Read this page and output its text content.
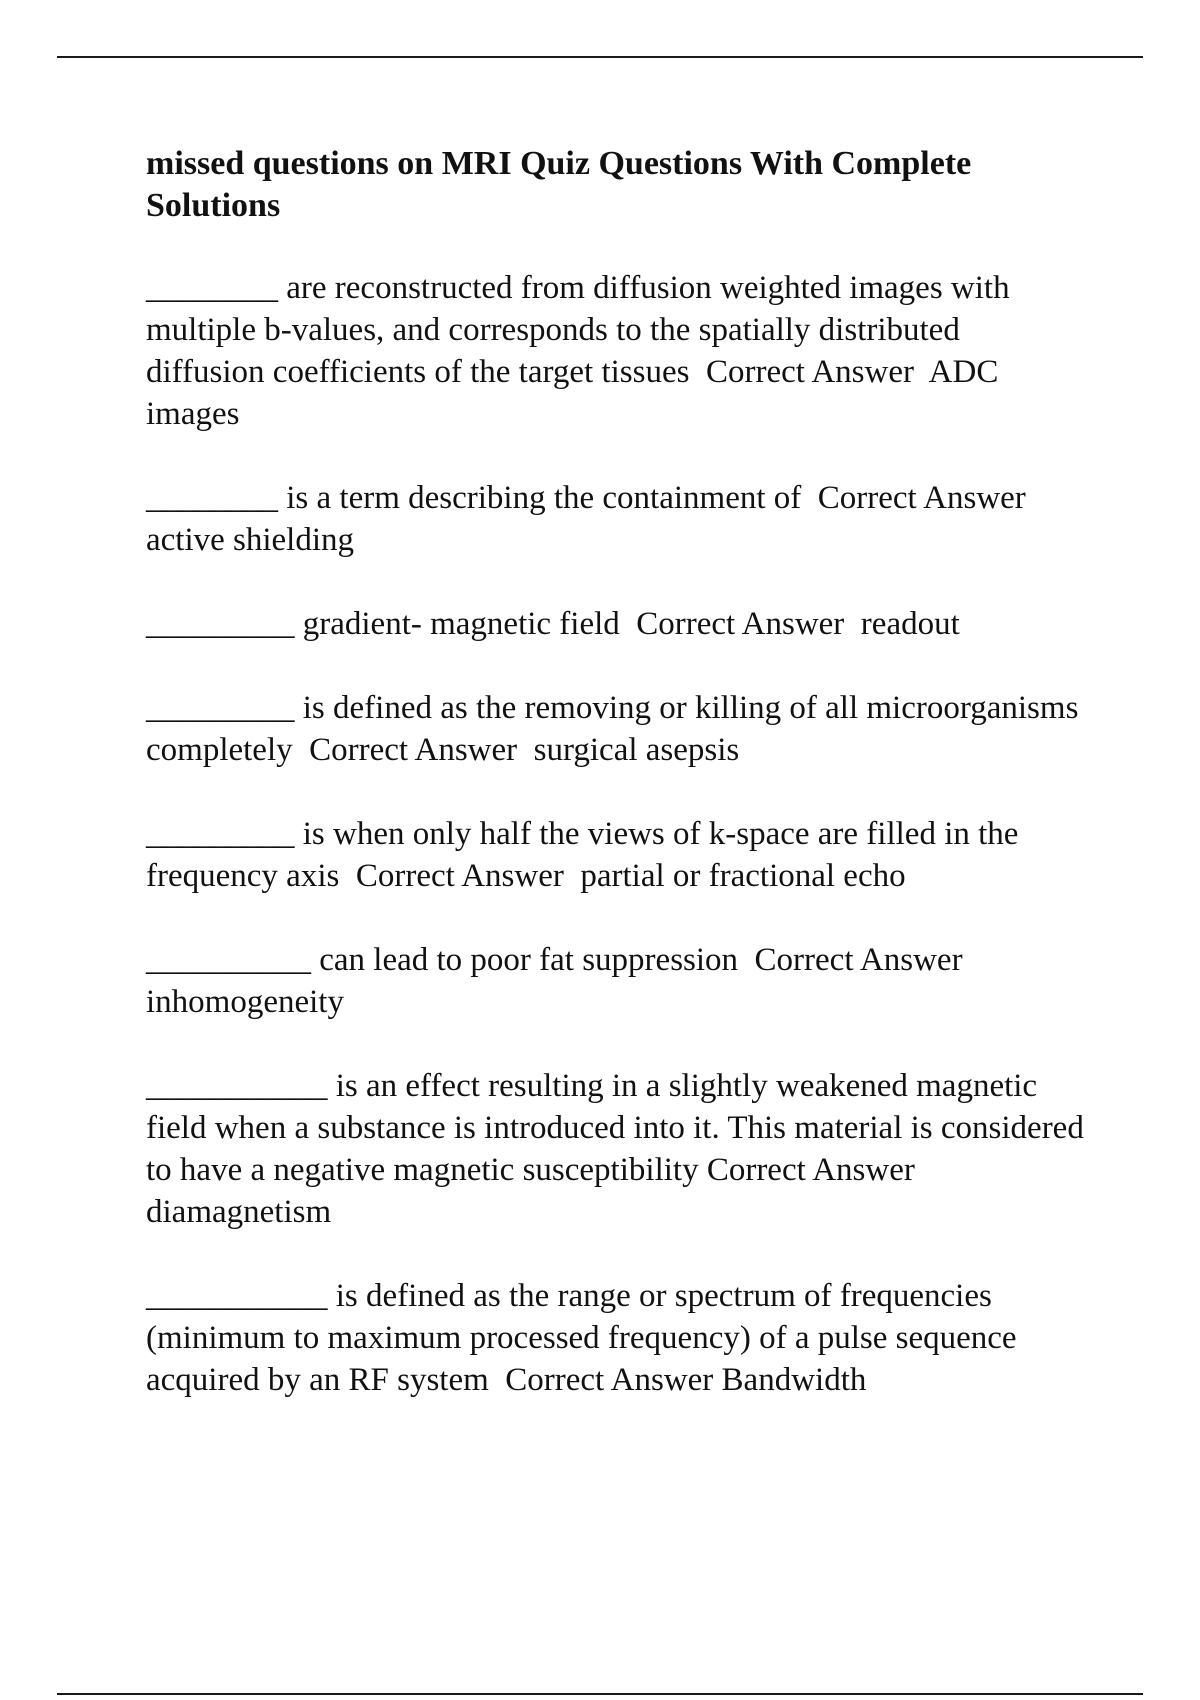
missed questions on MRI Quiz Questions With Complete Solutions

________ are reconstructed from diffusion weighted images with multiple b-values, and corresponds to the spatially distributed diffusion coefficients of the target tissues  Correct Answer  ADC images

________ is a term describing the containment of  Correct Answer  active shielding

_________ gradient- magnetic field  Correct Answer  readout

_________ is defined as the removing or killing of all microorganisms completely  Correct Answer  surgical asepsis

_________ is when only half the views of k-space are filled in the frequency axis  Correct Answer  partial or fractional echo

__________ can lead to poor fat suppression  Correct Answer inhomogeneity

___________ is an effect resulting in a slightly weakened magnetic field when a substance is introduced into it. This material is considered to have a negative magnetic susceptibility Correct Answer  diamagnetism

___________ is defined as the range or spectrum of frequencies (minimum to maximum processed frequency) of a pulse sequence acquired by an RF system  Correct Answer Bandwidth
